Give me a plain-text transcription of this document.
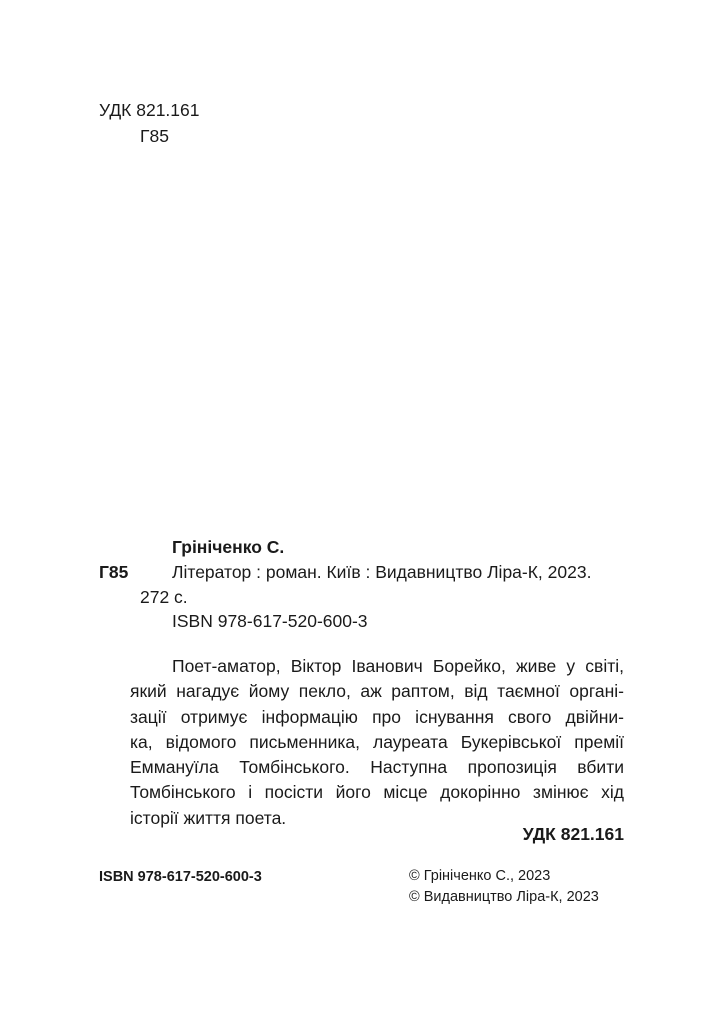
УДК 821.161
Г85
Грініченко С.
Г85 Літератор : роман. Київ : Видавництво Ліра-К, 2023.
272 с.
ISBN 978-617-520-600-3
Поет-аматор, Віктор Іванович Борейко, живе у світі,
який нагадує йому пекло, аж раптом, від таємної органі-
зації отримує інформацію про існування свого двійни-
ка, відомого письменника, лауреата Букерівської премії
Еммануїла Томбінського. Наступна пропозиція вбити
Томбінського і посісти його місце докорінно змінює хід
історії життя поета.
УДК 821.161
ISBN 978-617-520-600-3	© Грініченко С., 2023
© Видавництво Ліра-К, 2023
